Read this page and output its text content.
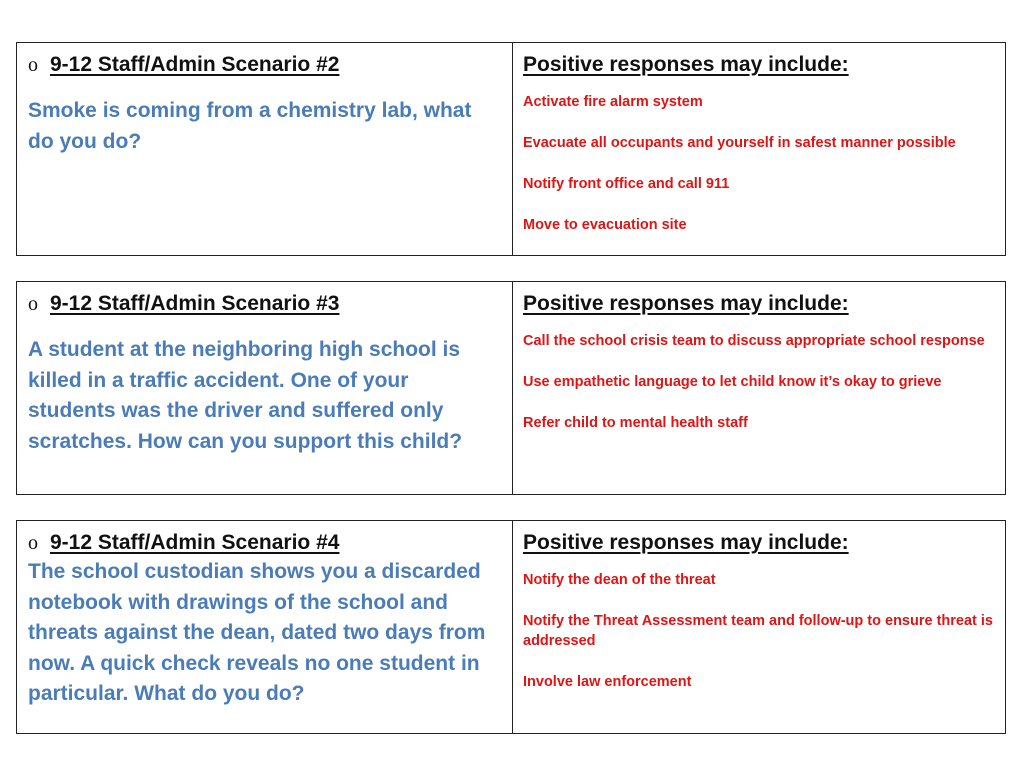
o 9-12 Staff/Admin Scenario #2
Smoke is coming from a chemistry lab, what do you do?
Positive responses may include:
Activate fire alarm system
Evacuate all occupants and yourself in safest manner possible
Notify front office and call 911
Move to evacuation site
o 9-12 Staff/Admin Scenario #3
A student at the neighboring high school is killed in a traffic accident. One of your students was the driver and suffered only scratches. How can you support this child?
Positive responses may include:
Call the school crisis team to discuss appropriate school response
Use empathetic language to let child know it’s okay to grieve
Refer child to mental health staff
o 9-12 Staff/Admin Scenario #4
The school custodian shows you a discarded notebook with drawings of the school and threats against the dean, dated two days from now. A quick check reveals no one student in particular. What do you do?
Positive responses may include:
Notify the dean of the threat
Notify the Threat Assessment team and follow-up to ensure threat is addressed
Involve law enforcement
